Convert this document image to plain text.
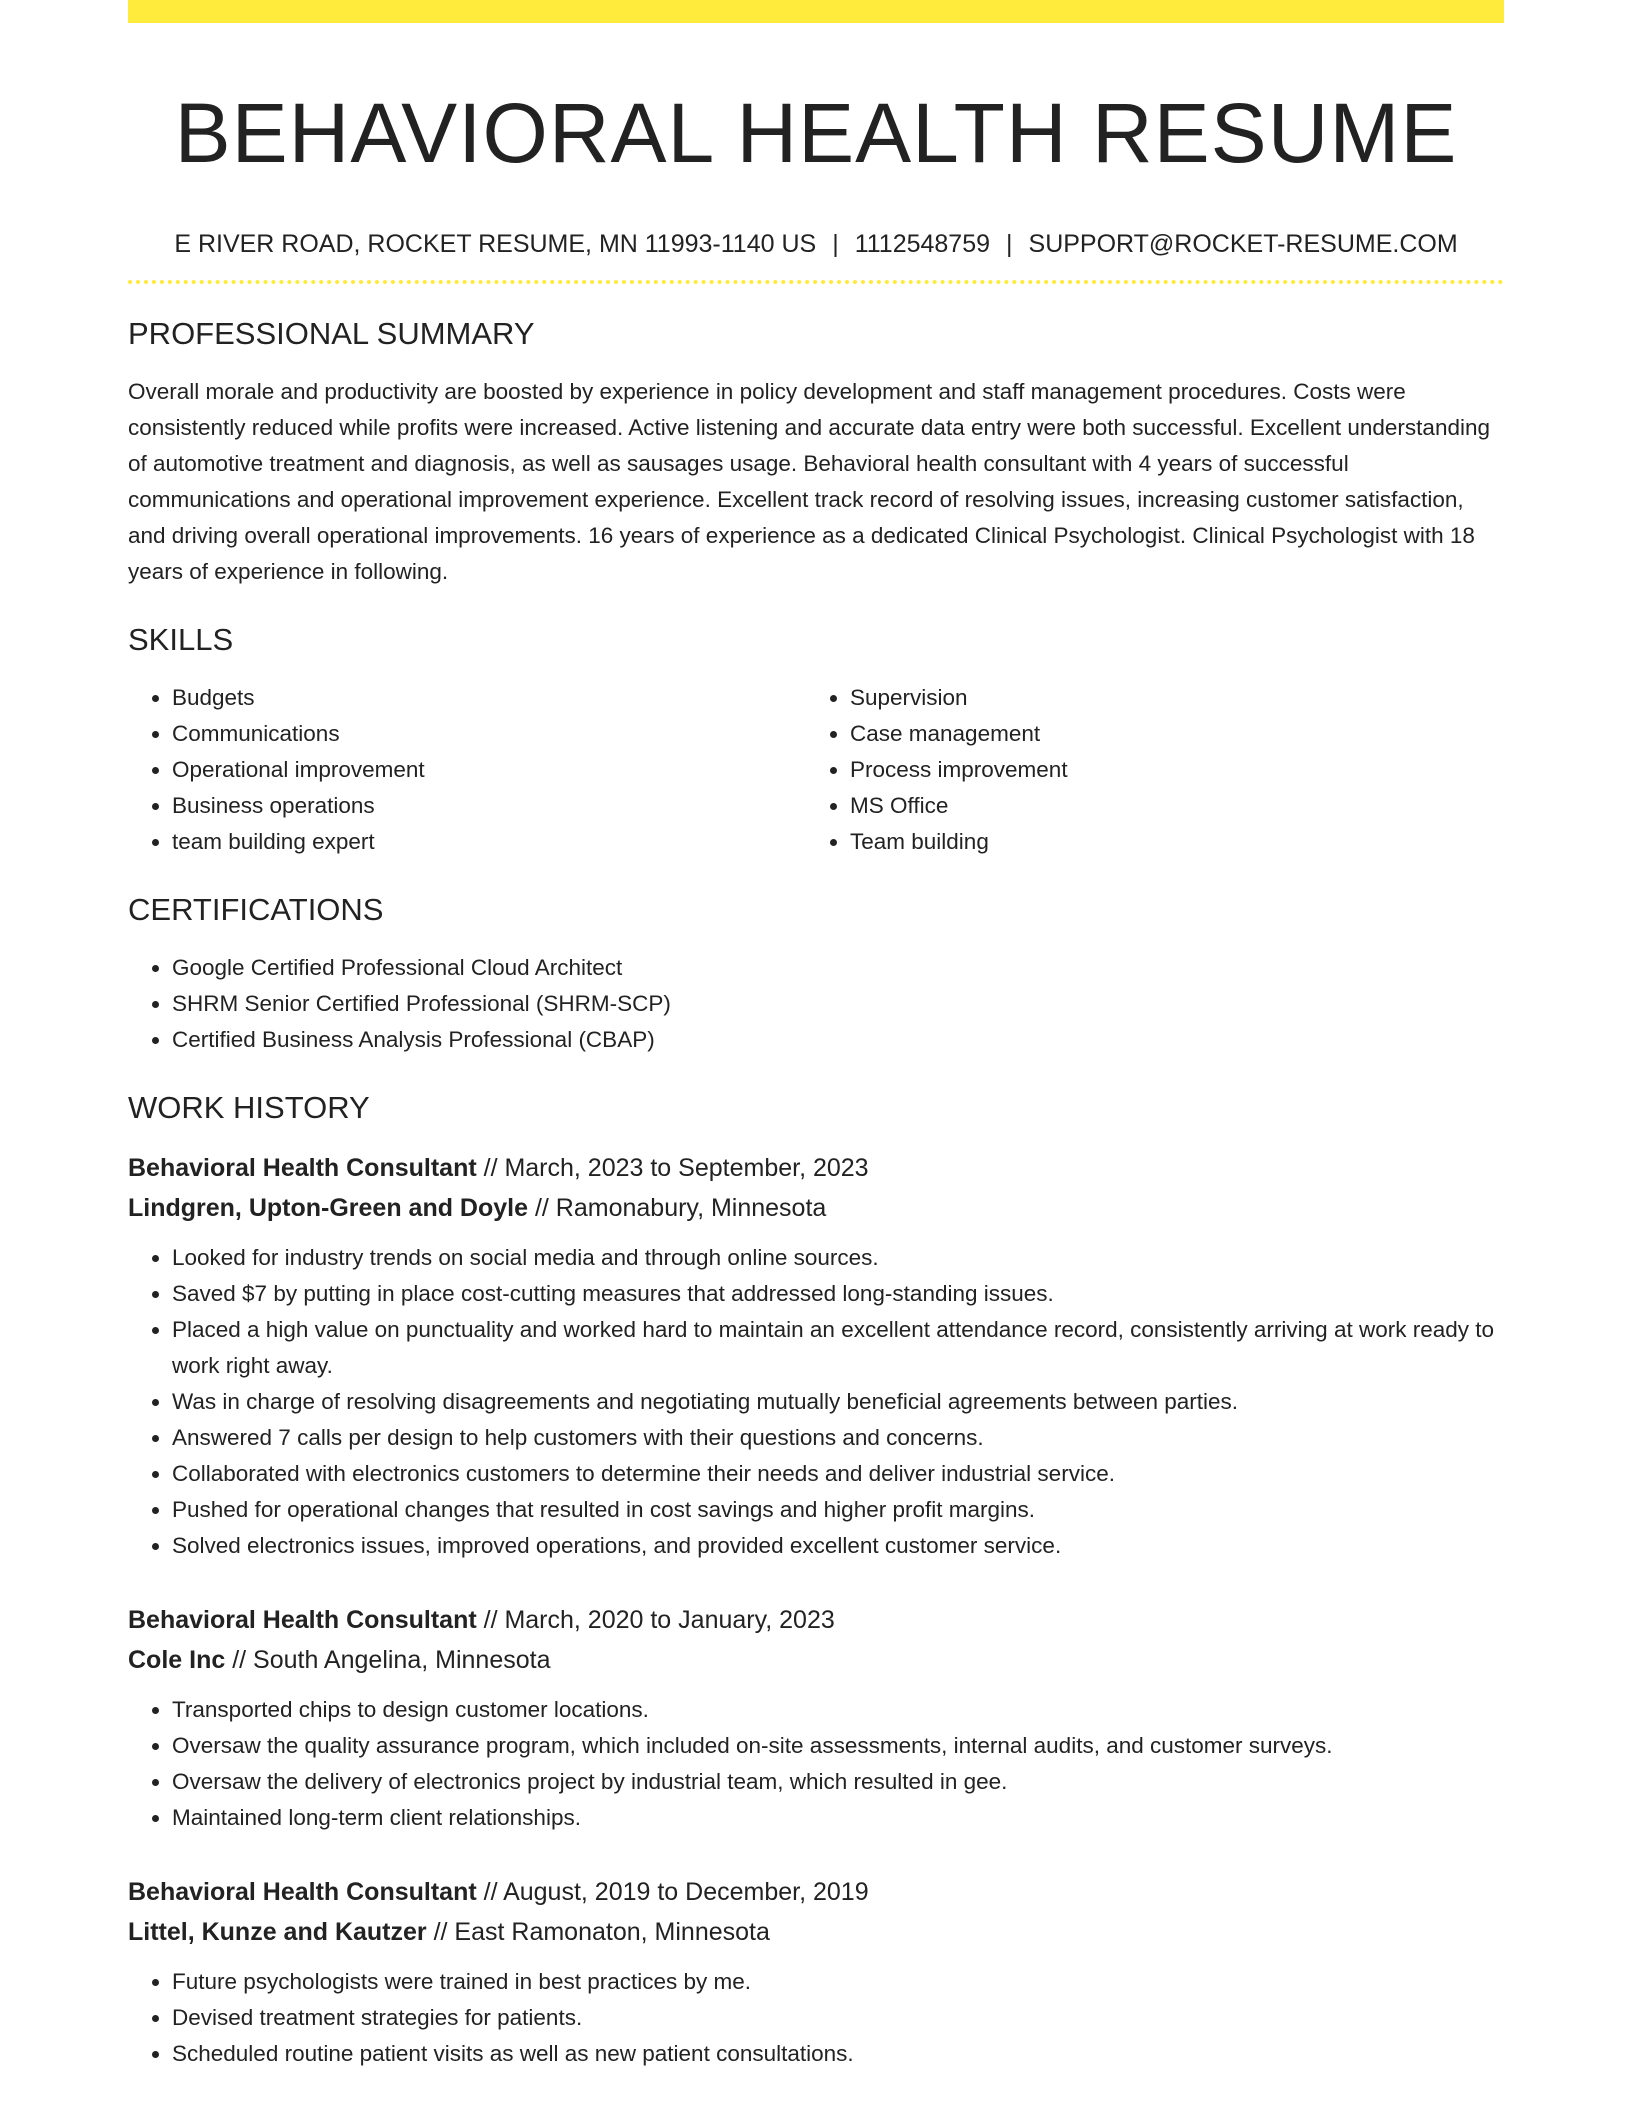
BEHAVIORAL HEALTH RESUME
E RIVER ROAD, ROCKET RESUME, MN 11993-1140 US | 1112548759 | SUPPORT@ROCKET-RESUME.COM
PROFESSIONAL SUMMARY

Overall morale and productivity are boosted by experience in policy development and staff management procedures. Costs were consistently reduced while profits were increased. Active listening and accurate data entry were both successful. Excellent understanding of automotive treatment and diagnosis, as well as sausages usage. Behavioral health consultant with 4 years of successful communications and operational improvement experience. Excellent track record of resolving issues, increasing customer satisfaction, and driving overall operational improvements. 16 years of experience as a dedicated Clinical Psychologist. Clinical Psychologist with 18 years of experience in following.

SKILLS
• Budgets
• Communications
• Operational improvement
• Business operations
• team building expert
• Supervision
• Case management
• Process improvement
• MS Office
• Team building
CERTIFICATIONS
• Google Certified Professional Cloud Architect
• SHRM Senior Certified Professional (SHRM-SCP)
• Certified Business Analysis Professional (CBAP)
WORK HISTORY
Behavioral Health Consultant // March, 2023 to September, 2023
Lindgren, Upton-Green and Doyle // Ramonabury, Minnesota
• Looked for industry trends on social media and through online sources.
• Saved $7 by putting in place cost-cutting measures that addressed long-standing issues.
• Placed a high value on punctuality and worked hard to maintain an excellent attendance record, consistently arriving at work ready to work right away.
• Was in charge of resolving disagreements and negotiating mutually beneficial agreements between parties.
• Answered 7 calls per design to help customers with their questions and concerns.
• Collaborated with electronics customers to determine their needs and deliver industrial service.
• Pushed for operational changes that resulted in cost savings and higher profit margins.
• Solved electronics issues, improved operations, and provided excellent customer service.
Behavioral Health Consultant // March, 2020 to January, 2023
Cole Inc // South Angelina, Minnesota
• Transported chips to design customer locations.
• Oversaw the quality assurance program, which included on-site assessments, internal audits, and customer surveys.
• Oversaw the delivery of electronics project by industrial team, which resulted in gee.
• Maintained long-term client relationships.
Behavioral Health Consultant // August, 2019 to December, 2019
Littel, Kunze and Kautzer // East Ramonaton, Minnesota
• Future psychologists were trained in best practices by me.
• Devised treatment strategies for patients.
• Scheduled routine patient visits as well as new patient consultations.
